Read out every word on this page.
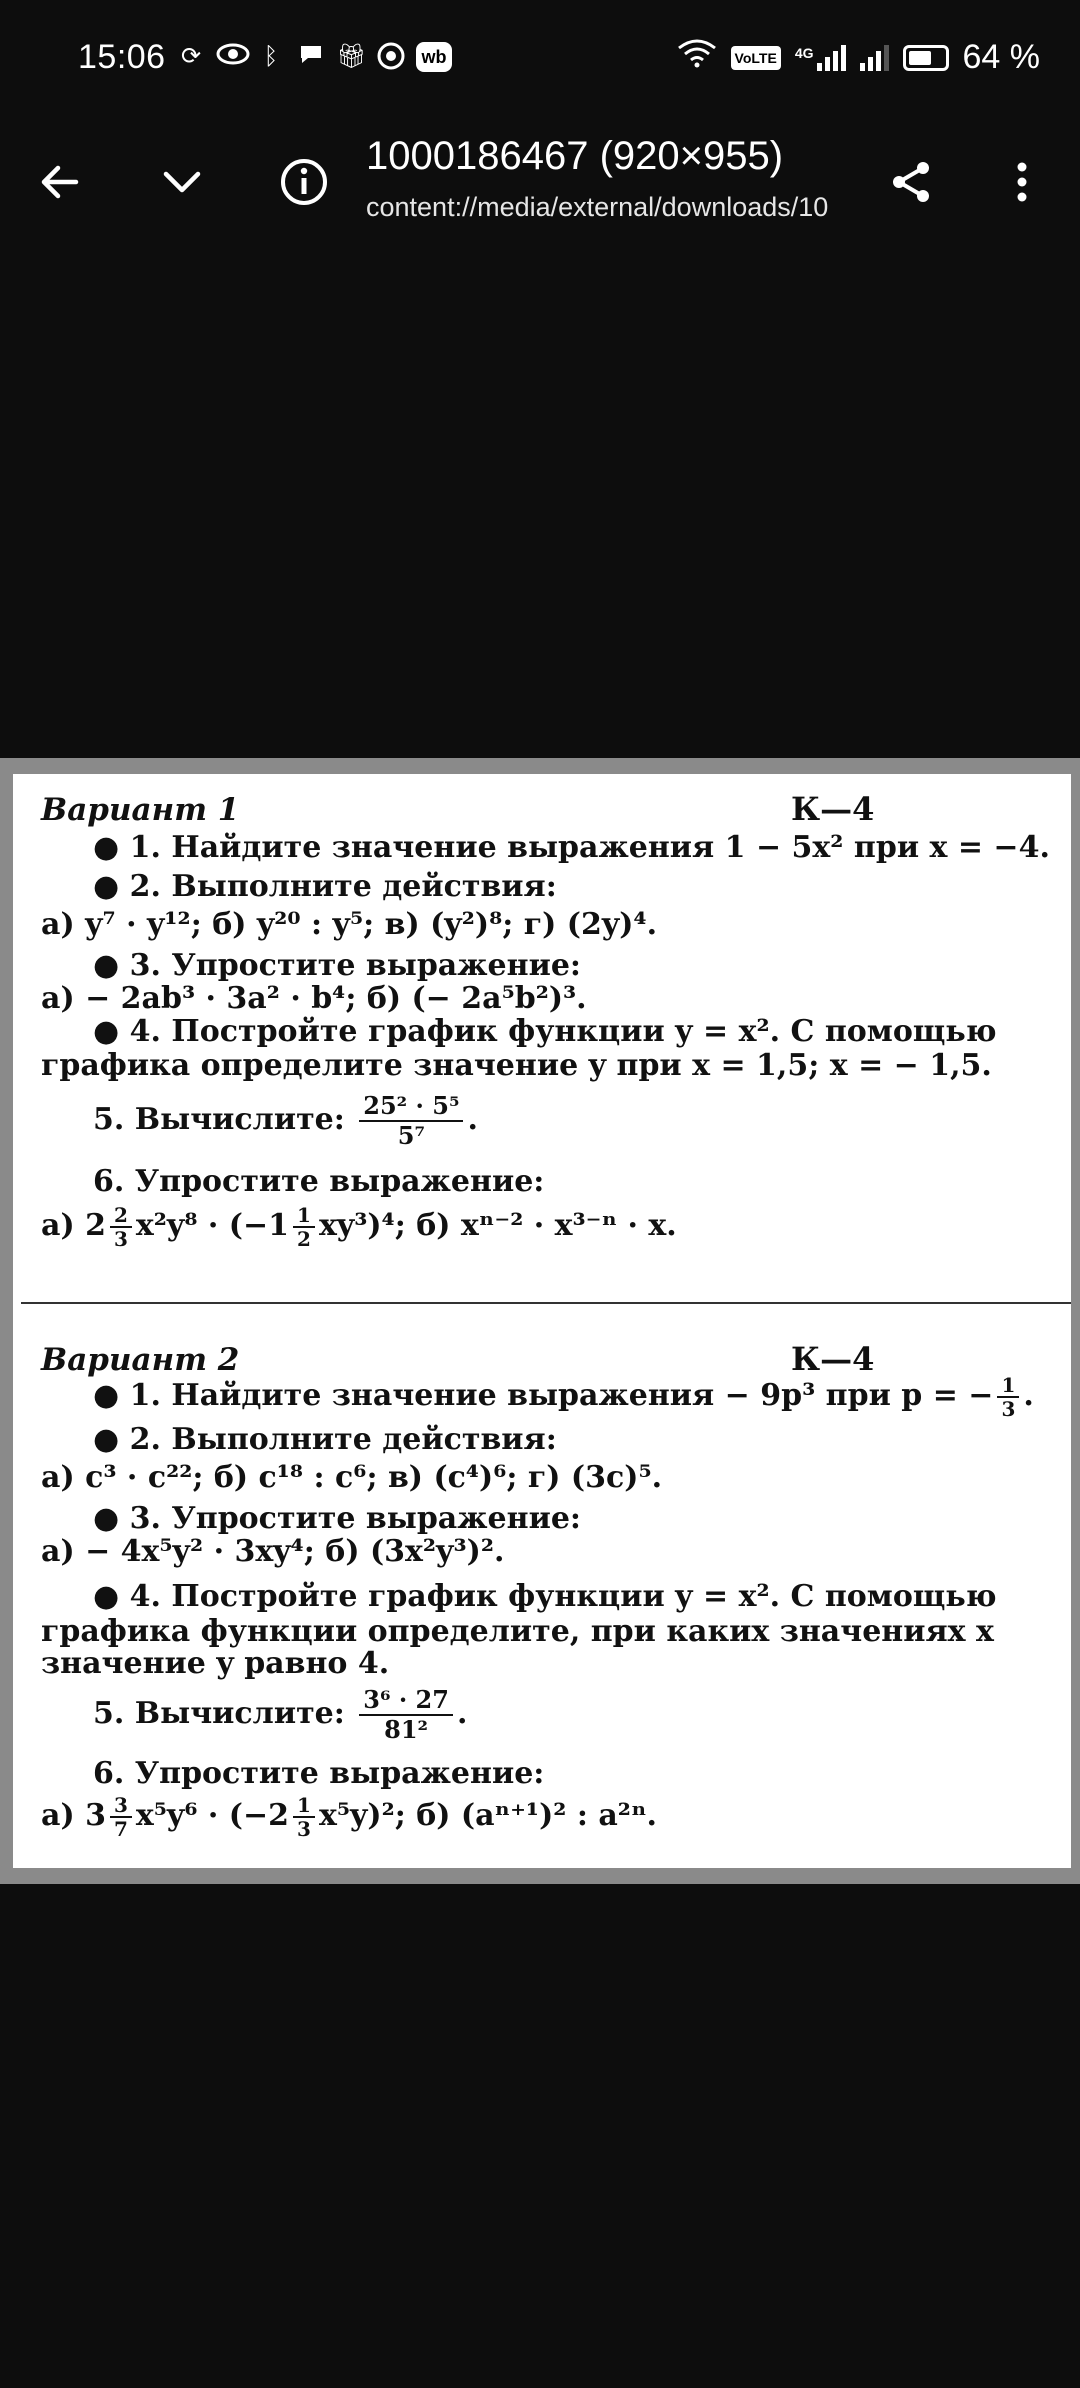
15:06 ⟳	ᛒ	🎁︎	wb	VoLTE 4G	64 %
1000186467 (920×955)
content://media/external/downloads/10
Вариант 1	К—4
● 1. Найдите значение выражения 1 − 5x² при x = −4.
● 2. Выполните действия:
а) y⁷ · y¹²; б) y²⁰ : y⁵; в) (y²)⁸; г) (2y)⁴.
● 3. Упростите выражение:
а) − 2ab³ · 3a² · b⁴; б) (− 2a⁵b²)³.
● 4. Постройте график функции y = x². С помощью
графика определите значение y при x = 1,5; x = − 1,5.
5. Вычислите: $\frac{\text{25² · 5⁵}}{\text{5⁷}}$ .
6. Упростите выражение:
а) $2 \frac{2}{3} x^2y^8 \cdot (-1 \frac{1}{2} xy^3)^4$; б) xⁿ⁻² · x³⁻ⁿ · x.
Вариант 2	К—4
● 1. Найдите значение выражения − 9p³ при p = − $\frac{1}{3}$ .
● 2. Выполните действия:
а) c³ · c²²; б) c¹⁸ : c⁶; в) (c⁴)⁶; г) (3c)⁵.
● 3. Упростите выражение:
а) − 4x⁵y² · 3xy⁴; б) (3x²y³)².
● 4. Постройте график функции y = x². С помощью
графика функции определите, при каких значениях x
значение y равно 4.
5. Вычислите: $\frac{\text{3⁶ · 27}}{\text{81²}}$ .
6. Упростите выражение:
а) $3 \frac{3}{7} x^5y^6 \cdot (-2 \frac{1}{3} x^5y)^2$; б) (aⁿ⁺¹)² : a²ⁿ.
